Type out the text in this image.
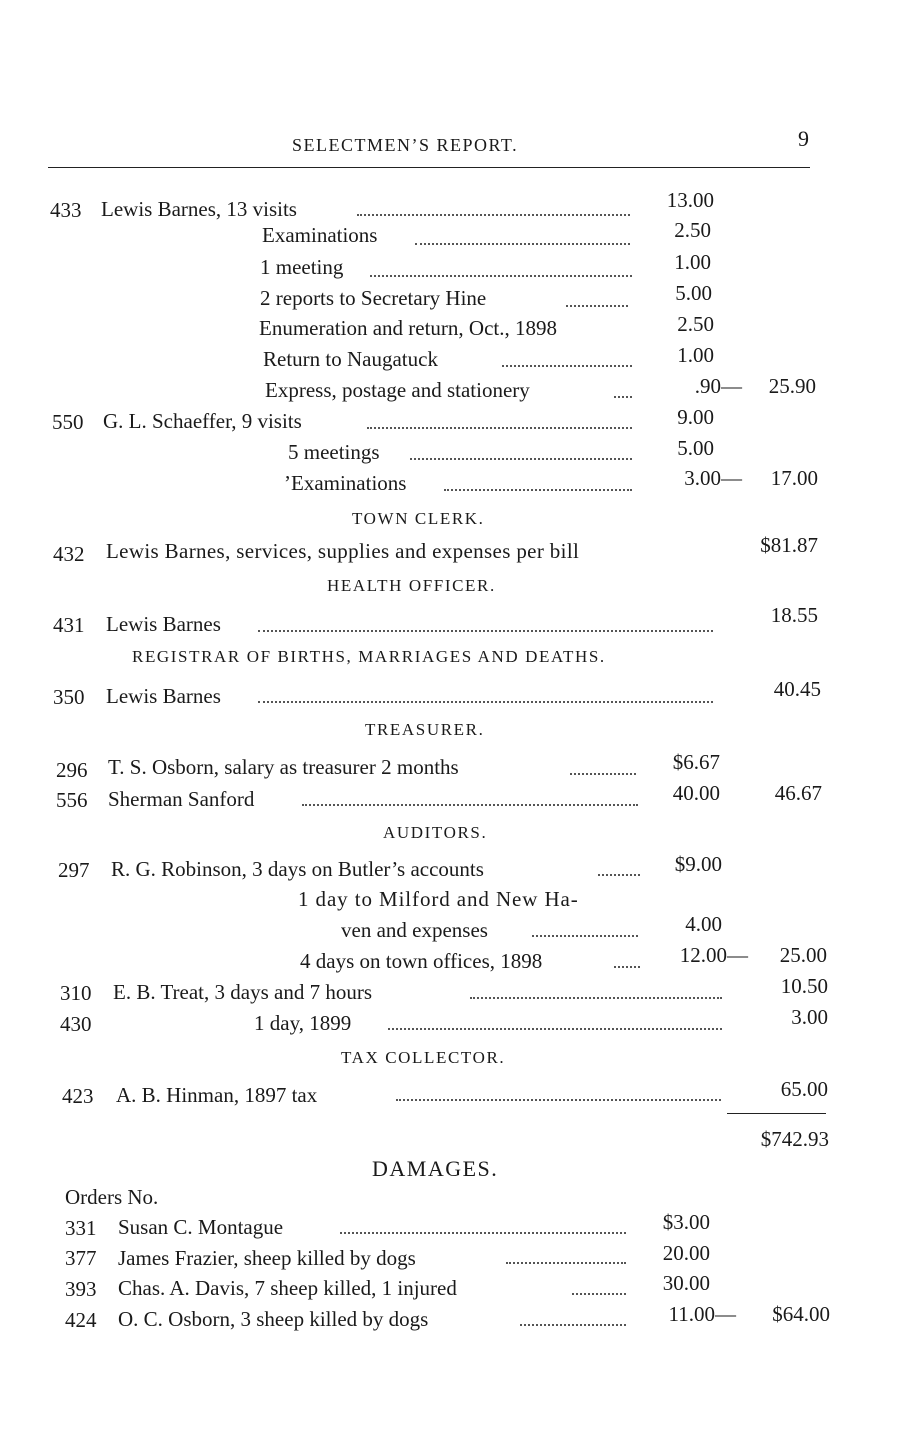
SELECTMEN’S REPORT.	9
433 Lewis Barnes, 13 visits	13.00
Examinations	2.50
1 meeting	1.00
2 reports to Secretary Hine	5.00
Enumeration and return, Oct., 1898	2.50
Return to Naugatuck	1.00
Express, postage and stationery	.90— 25.90
550 G. L. Schaeffer, 9 visits	9.00
5 meetings	5.00
’Examinations	3.00— 17.00
TOWN CLERK.
432 Lewis Barnes, services, supplies and expenses per bill	$81.87
HEALTH OFFICER.
431 Lewis Barnes	18.55
REGISTRAR OF BIRTHS, MARRIAGES AND DEATHS.
350 Lewis Barnes	40.45
TREASURER.
296 T. S. Osborn, salary as treasurer 2 months	$6.67
556 Sherman Sanford	40.00	46.67
AUDITORS.
297 R. G. Robinson, 3 days on Butler’s accounts	$9.00
1 day to Milford and New Ha-
ven and expenses	4.00
4 days on town offices, 1898	12.00— 25.00
310 E. B. Treat, 3 days and 7 hours	10.50
430	1 day, 1899	3.00
TAX COLLECTOR.
423 A. B. Hinman, 1897 tax	65.00
$742.93
DAMAGES.
Orders No.
331 Susan C. Montague	$3.00
377 James Frazier, sheep killed by dogs	20.00
393 Chas. A. Davis, 7 sheep killed, 1 injured	30.00
424 O. C. Osborn, 3 sheep killed by dogs	11.00— $64.00
